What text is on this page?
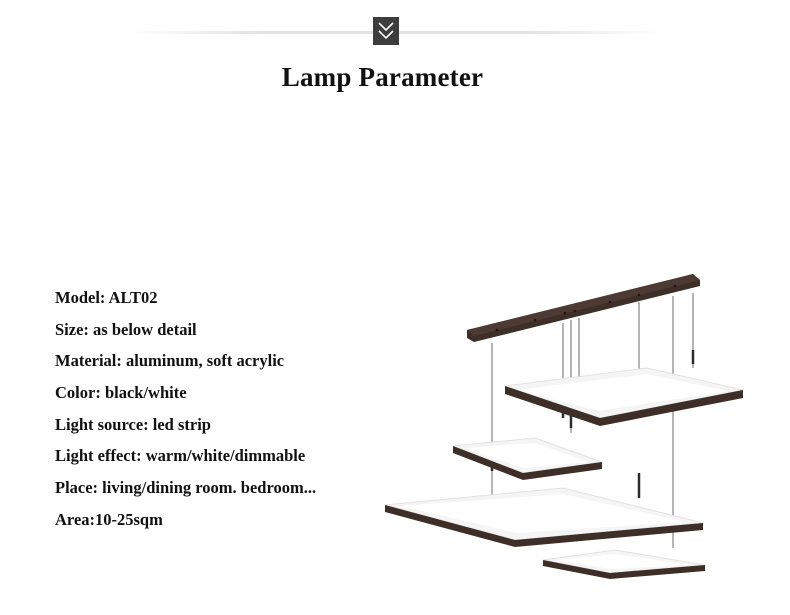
Lamp Parameter
Model: ALT02
Size: as below detail
Material: aluminum, soft acrylic
Color: black/white
Light source: led strip
Light effect: warm/white/dimmable
Place: living/dining room. bedroom...
Area:10-25sqm
